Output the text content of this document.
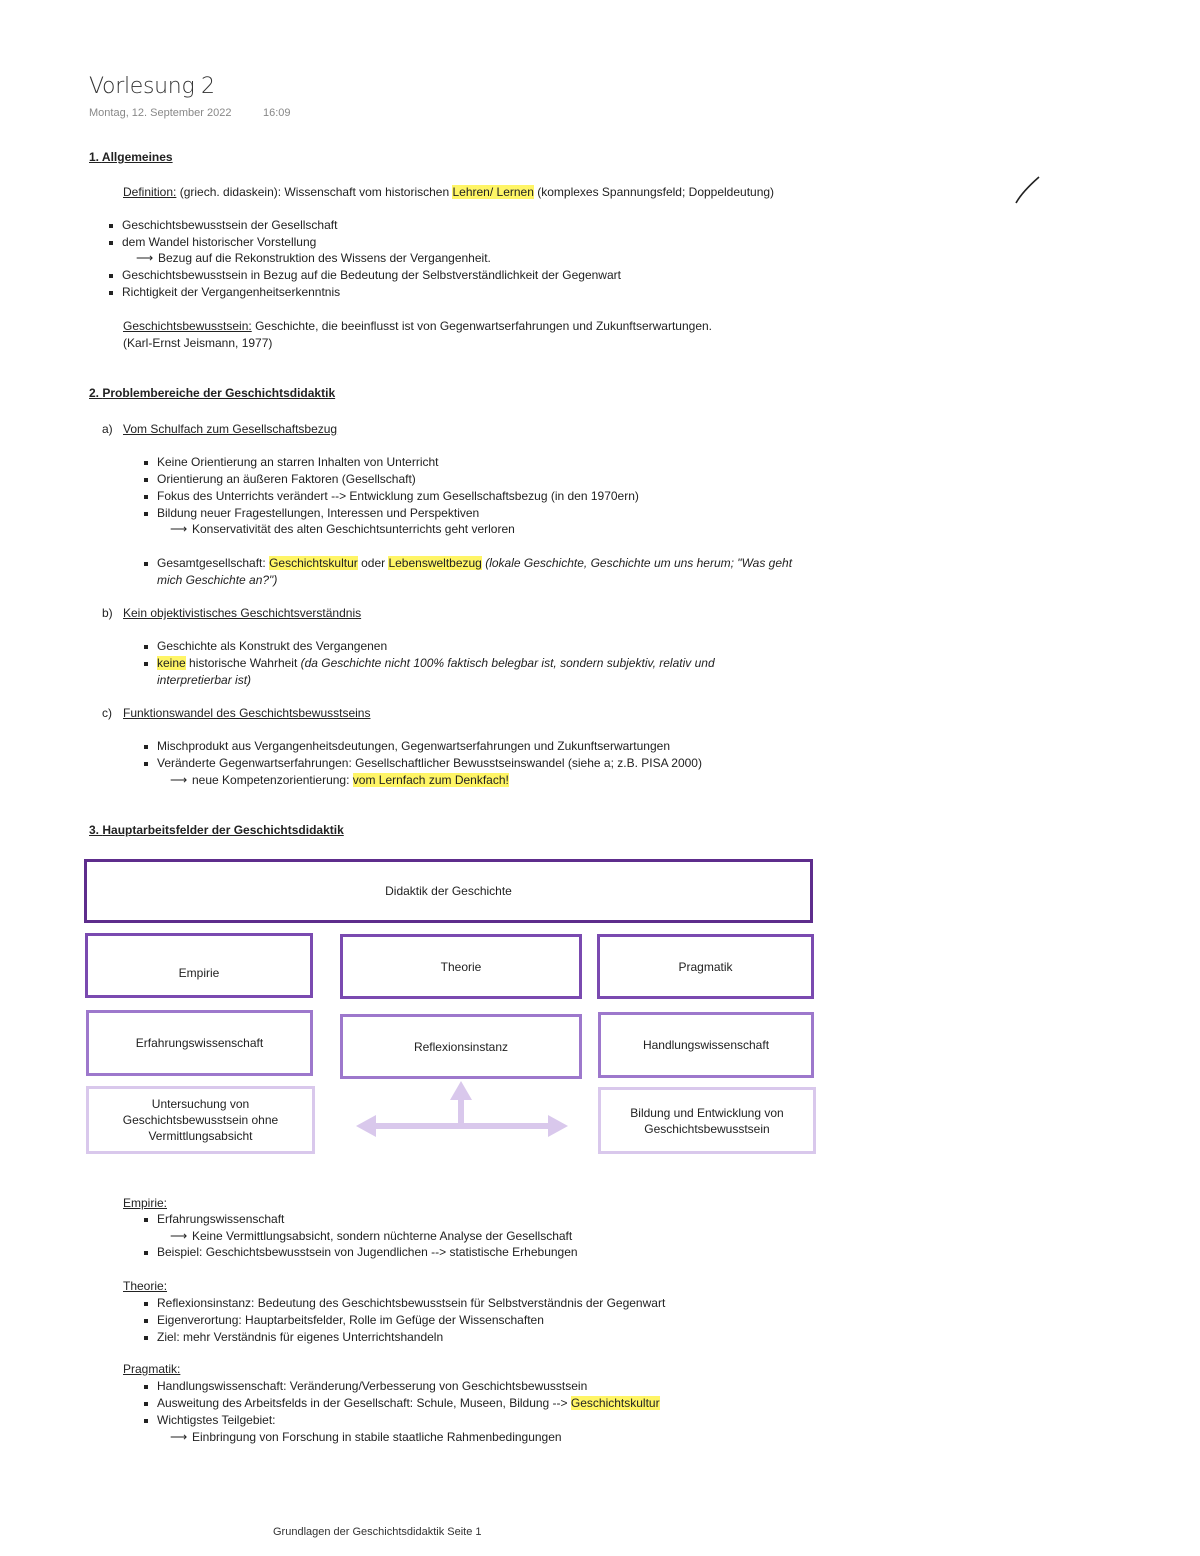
Vorlesung 2
Montag, 12. September 2022	16:09
1. Allgemeines
Definition: (griech. didaskein): Wissenschaft vom historischen Lehren/ Lernen (komplexes Spannungsfeld; Doppeldeutung)
Geschichtsbewusstsein der Gesellschaft
dem Wandel historischer Vorstellung
⟶ Bezug auf die Rekonstruktion des Wissens der Vergangenheit.
Geschichtsbewusstsein in Bezug auf die Bedeutung der Selbstverständlichkeit der Gegenwart
Richtigkeit der Vergangenheitserkenntnis
Geschichtsbewusstsein: Geschichte, die beeinflusst ist von Gegenwartserfahrungen und Zukunftserwartungen.
(Karl-Ernst Jeismann, 1977)
2. Problembereiche der Geschichtsdidaktik
a) Vom Schulfach zum Gesellschaftsbezug
Keine Orientierung an starren Inhalten von Unterricht
Orientierung an äußeren Faktoren (Gesellschaft)
Fokus des Unterrichts verändert --> Entwicklung zum Gesellschaftsbezug (in den 1970ern)
Bildung neuer Fragestellungen, Interessen und Perspektiven
⟶ Konservativität des alten Geschichtsunterrichts geht verloren
Gesamtgesellschaft: Geschichtskultur oder Lebensweltbezug (lokale Geschichte, Geschichte um uns herum; "Was geht
mich Geschichte an?")
b) Kein objektivistisches Geschichtsverständnis
Geschichte als Konstrukt des Vergangenen
keine historische Wahrheit (da Geschichte nicht 100% faktisch belegbar ist, sondern subjektiv, relativ und
interpretierbar ist)
c) Funktionswandel des Geschichtsbewusstseins
Mischprodukt aus Vergangenheitsdeutungen, Gegenwartserfahrungen und Zukunftserwartungen
Veränderte Gegenwartserfahrungen: Gesellschaftlicher Bewusstseinswandel (siehe a; z.B. PISA 2000)
⟶ neue Kompetenzorientierung: vom Lernfach zum Denkfach!
3. Hauptarbeitsfelder der Geschichtsdidaktik
Didaktik der Geschichte
Empirie	Theorie	Pragmatik
Erfahrungswissenschaft	Reflexionsinstanz	Handlungswissenschaft
Untersuchung von Geschichtsbewusstsein ohne Vermittlungsabsicht
Bildung und Entwicklung von Geschichtsbewusstsein
Empirie:
Erfahrungswissenschaft
⟶ Keine Vermittlungsabsicht, sondern nüchterne Analyse der Gesellschaft
Beispiel: Geschichtsbewusstsein von Jugendlichen --> statistische Erhebungen
Theorie:
Reflexionsinstanz: Bedeutung des Geschichtsbewusstsein für Selbstverständnis der Gegenwart
Eigenverortung: Hauptarbeitsfelder, Rolle im Gefüge der Wissenschaften
Ziel: mehr Verständnis für eigenes Unterrichtshandeln
Pragmatik:
Handlungswissenschaft: Veränderung/Verbesserung von Geschichtsbewusstsein
Ausweitung des Arbeitsfelds in der Gesellschaft: Schule, Museen, Bildung --> Geschichtskultur
Wichtigstes Teilgebiet:
⟶ Einbringung von Forschung in stabile staatliche Rahmenbedingungen
Grundlagen der Geschichtsdidaktik Seite 1
